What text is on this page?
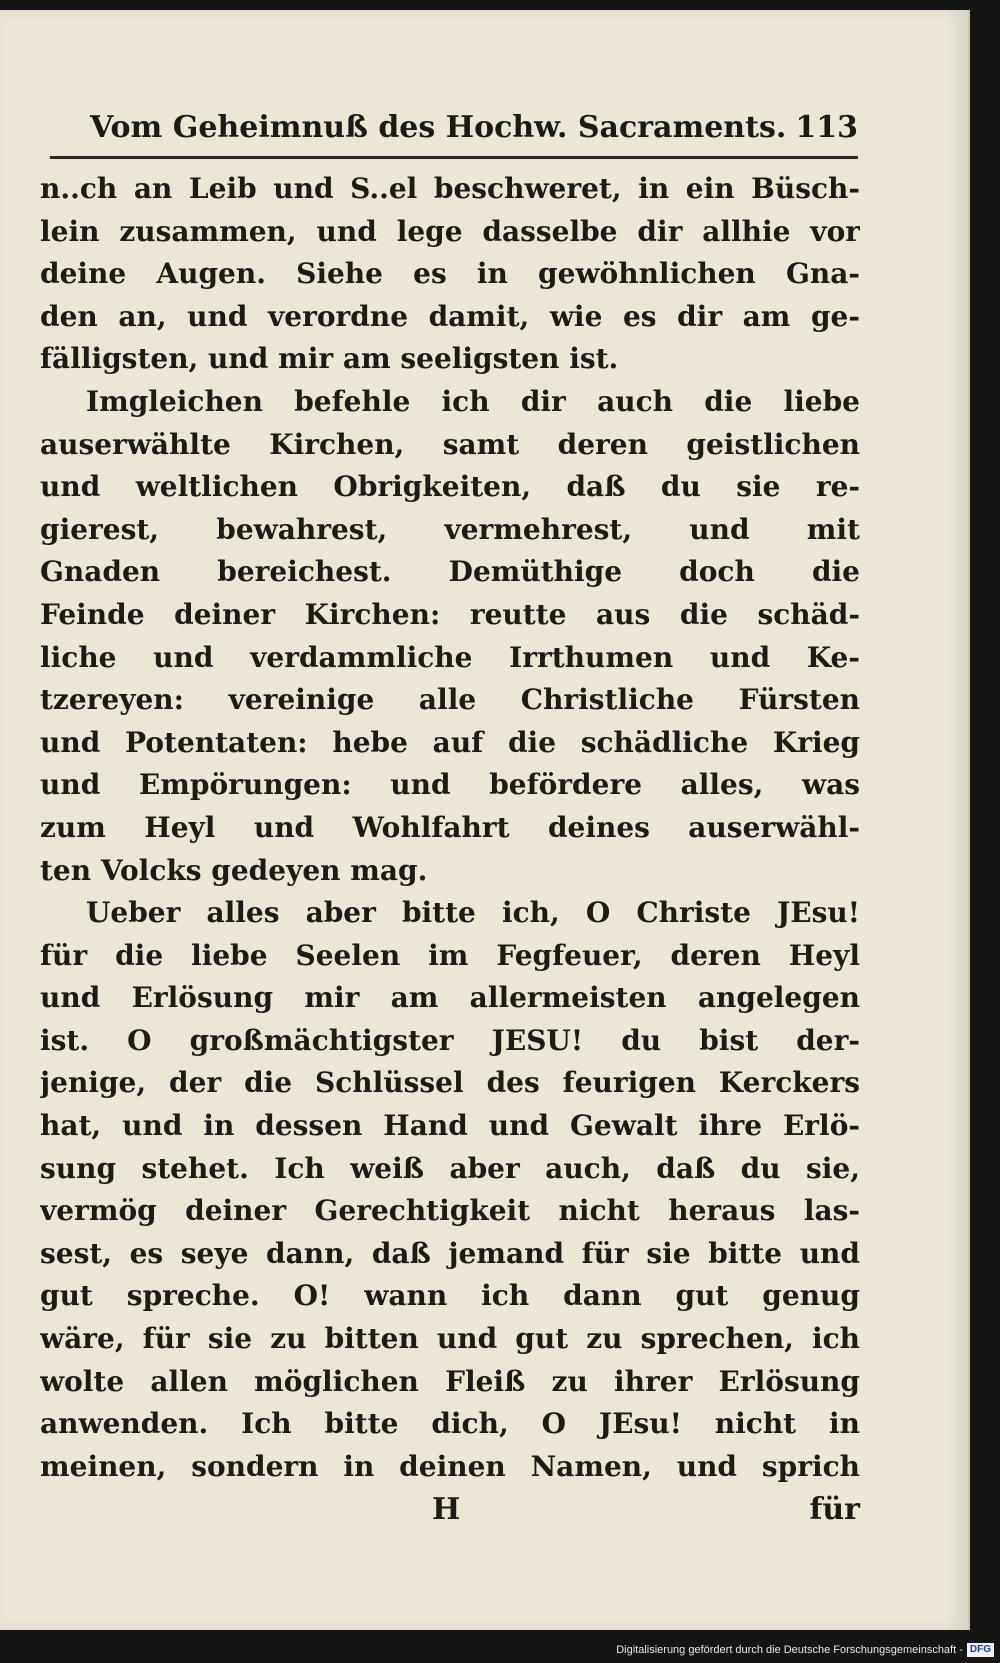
Vom Geheimnuß des Hochw. Sacraments. 113
n..ch an Leib und S..el beschweret, in ein Büsch-
lein zusammen, und lege dasselbe dir allhie vor
deine Augen. Siehe es in gewöhnlichen Gna-
den an, und verordne damit, wie es dir am ge-
fälligsten, und mir am seeligsten ist.
Imgleichen befehle ich dir auch die liebe
auserwählte Kirchen, samt deren geistlichen
und weltlichen Obrigkeiten, daß du sie re-
gierest, bewahrest, vermehrest, und mit
Gnaden bereichest. Demüthige doch die
Feinde deiner Kirchen: reutte aus die schäd-
liche und verdammliche Irrthumen und Ke-
tzereyen: vereinige alle Christliche Fürsten
und Potentaten: hebe auf die schädliche Krieg
und Empörungen: und befördere alles, was
zum Heyl und Wohlfahrt deines auserwähl-
ten Volcks gedeyen mag.
Ueber alles aber bitte ich, O Christe JEsu!
für die liebe Seelen im Fegfeuer, deren Heyl
und Erlösung mir am allermeisten angelegen
ist. O großmächtigster JESU! du bist der-
jenige, der die Schlüssel des feurigen Kerckers
hat, und in dessen Hand und Gewalt ihre Erlö-
sung stehet. Ich weiß aber auch, daß du sie,
vermög deiner Gerechtigkeit nicht heraus las-
sest, es seye dann, daß jemand für sie bitte und
gut spreche. O! wann ich dann gut genug
wäre, für sie zu bitten und gut zu sprechen, ich
wolte allen möglichen Fleiß zu ihrer Erlösung
anwenden. Ich bitte dich, O JEsu! nicht in
meinen, sondern in deinen Namen, und sprich
H	für
Digitalisierung gefördert durch die Deutsche Forschungsgemeinschaft - DFG
